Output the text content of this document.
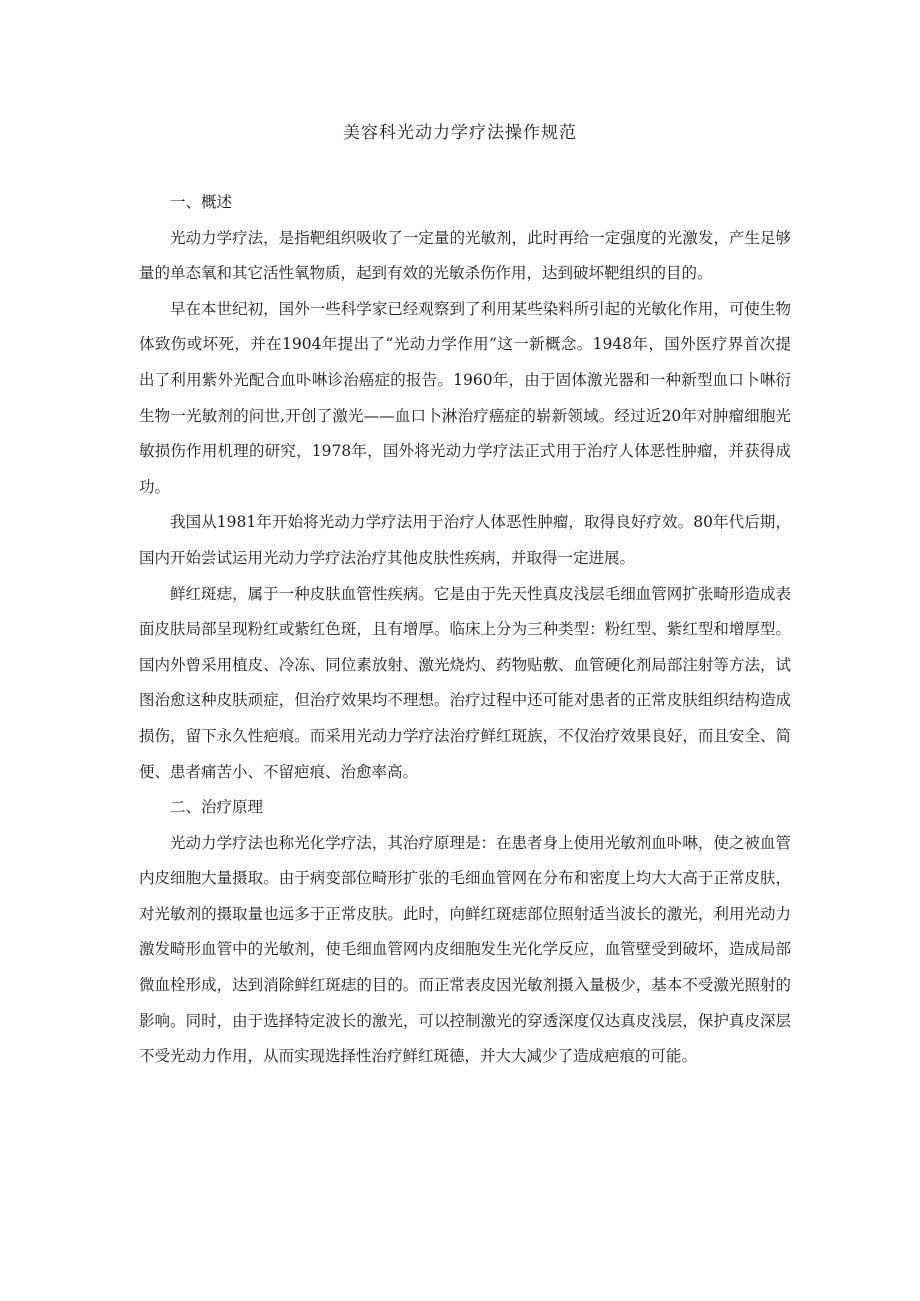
美容科光动力学疗法操作规范

一、概述

光动力学疗法，是指靶组织吸收了一定量的光敏剂，此时再给一定强度的光激发，产生足够量的单态氧和其它活性氧物质，起到有效的光敏杀伤作用，达到破坏靶组织的目的。

早在本世纪初，国外一些科学家已经观察到了利用某些染料所引起的光敏化作用，可使生物体致伤或坏死，并在1904年提出了“光动力学作用”这一新概念。1948年，国外医疗界首次提出了利用紫外光配合血卟啉诊治癌症的报告。1960年，由于固体激光器和一种新型血口卜啉衍生物一光敏剂的问世,开创了激光——血口卜淋治疗癌症的崭新领域。经过近20年对肿瘤细胞光敏损伤作用机理的研究，1978年，国外将光动力学疗法正式用于治疗人体恶性肿瘤，并获得成功。

我国从1981年开始将光动力学疗法用于治疗人体恶性肿瘤，取得良好疗效。80年代后期，国内开始尝试运用光动力学疗法治疗其他皮肤性疾病，并取得一定进展。

鲜红斑痣，属于一种皮肤血管性疾病。它是由于先天性真皮浅层毛细血管网扩张畸形造成表面皮肤局部呈现粉红或紫红色斑，且有增厚。临床上分为三种类型：粉红型、紫红型和增厚型。国内外曾采用植皮、冷冻、同位素放射、激光烧灼、药物贴敷、血管硬化剂局部注射等方法，试图治愈这种皮肤顽症，但治疗效果均不理想。治疗过程中还可能对患者的正常皮肤组织结构造成损伤，留下永久性疤痕。而采用光动力学疗法治疗鲜红斑族，不仅治疗效果良好，而且安全、简便、患者痛苦小、不留疤痕、治愈率高。

二、治疗原理

光动力学疗法也称光化学疗法，其治疗原理是：在患者身上使用光敏剂血卟啉，使之被血管内皮细胞大量摄取。由于病变部位畸形扩张的毛细血管网在分布和密度上均大大高于正常皮肤，对光敏剂的摄取量也远多于正常皮肤。此时，向鲜红斑痣部位照射适当波长的激光，利用光动力激发畸形血管中的光敏剂，使毛细血管网内皮细胞发生光化学反应，血管壁受到破坏，造成局部微血栓形成，达到消除鲜红斑痣的目的。而正常表皮因光敏剂摄入量极少，基本不受激光照射的影响。同时，由于选择特定波长的激光，可以控制激光的穿透深度仅达真皮浅层，保护真皮深层不受光动力作用，从而实现选择性治疗鲜红斑德，并大大减少了造成疤痕的可能。
